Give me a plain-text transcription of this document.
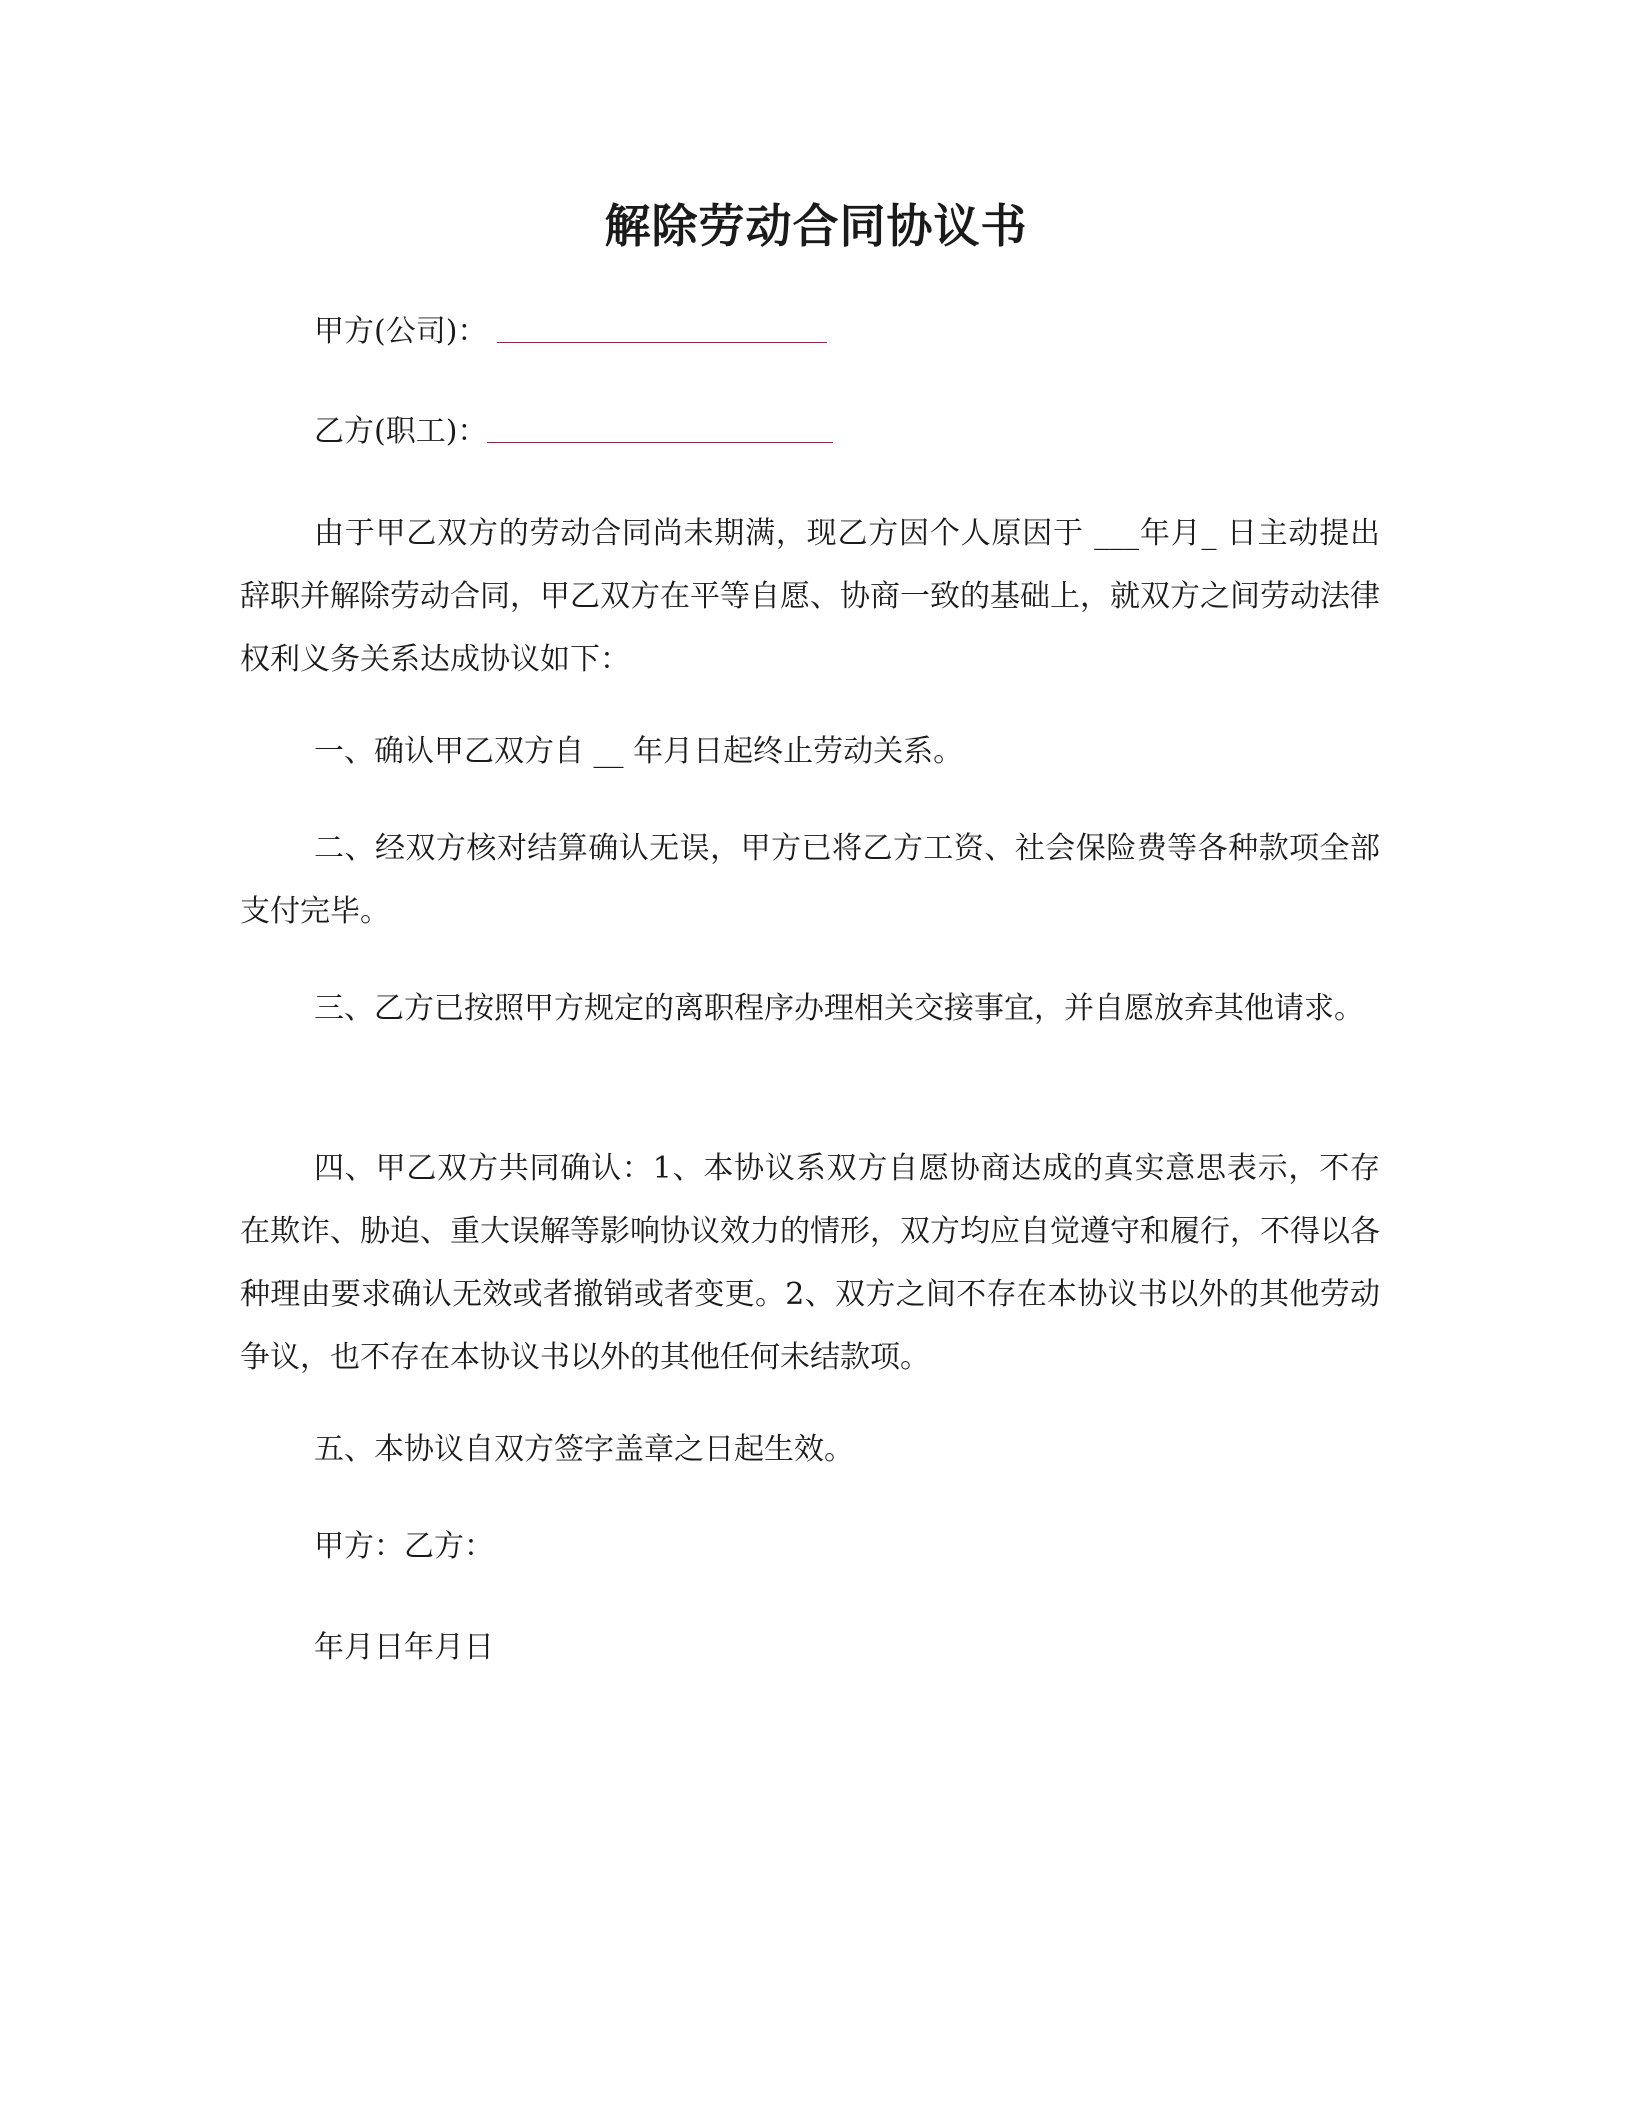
解除劳动合同协议书
甲方(公司)：
乙方(职工)：
由于甲乙双方的劳动合同尚未期满，现乙方因个人原因于 ___年月_ 日主动提出辞职并解除劳动合同，甲乙双方在平等自愿、协商一致的基础上，就双方之间劳动法律权利义务关系达成协议如下：
一、确认甲乙双方自 __ 年月日起终止劳动关系。
二、经双方核对结算确认无误，甲方已将乙方工资、社会保险费等各种款项全部支付完毕。
三、乙方已按照甲方规定的离职程序办理相关交接事宜，并自愿放弃其他请求。
四、甲乙双方共同确认：1、本协议系双方自愿协商达成的真实意思表示，不存在欺诈、胁迫、重大误解等影响协议效力的情形，双方均应自觉遵守和履行，不得以各种理由要求确认无效或者撤销或者变更。2、双方之间不存在本协议书以外的其他劳动争议，也不存在本协议书以外的其他任何未结款项。
五、本协议自双方签字盖章之日起生效。
甲方：乙方：
年月日年月日
